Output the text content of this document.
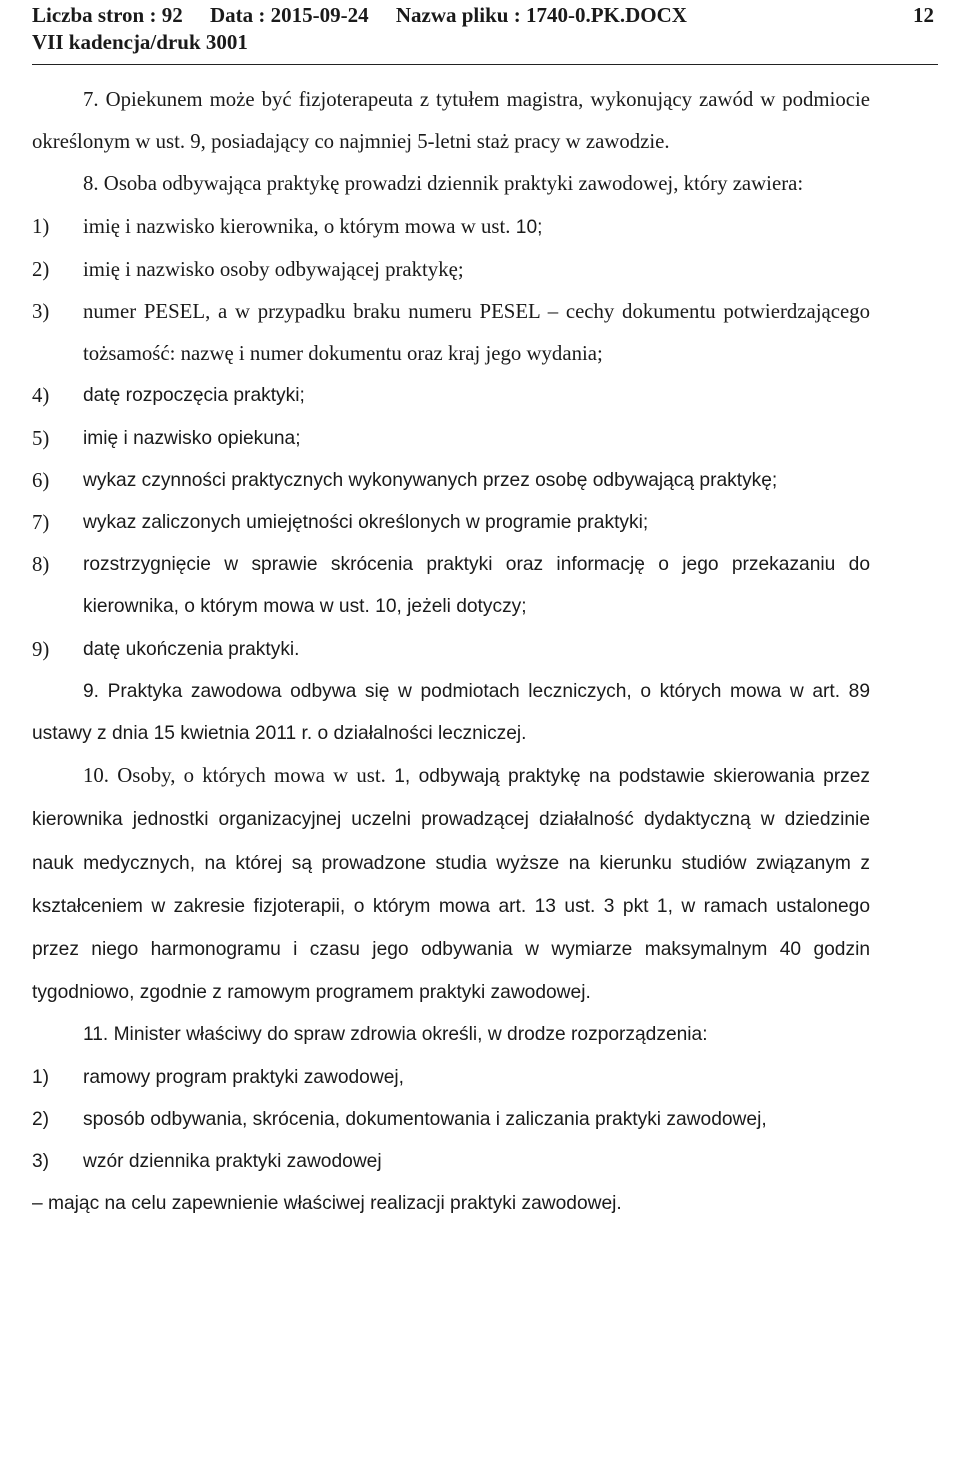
Liczba stron : 92 Data : 2015-09-24 Nazwa pliku : 1740-0.PK.DOCX
VII kadencja/druk 3001
12

7. Opiekunem może być fizjoterapeuta z tytułem magistra, wykonujący zawód w podmiocie określonym w ust. 9, posiadający co najmniej 5-letni staż pracy w zawodzie.

8. Osoba odbywająca praktykę prowadzi dziennik praktyki zawodowej, który zawiera:

1)	imię i nazwisko kierownika, o którym mowa w ust. 10;
2)	imię i nazwisko osoby odbywającej praktykę;
3)	numer PESEL, a w przypadku braku numeru PESEL – cechy dokumentu potwierdzającego tożsamość: nazwę i numer dokumentu oraz kraj jego wydania;
4)	datę rozpoczęcia praktyki;
5)	imię i nazwisko opiekuna;
6)	wykaz czynności praktycznych wykonywanych przez osobę odbywającą praktykę;
7)	wykaz zaliczonych umiejętności określonych w programie praktyki;
8)	rozstrzygnięcie w sprawie skrócenia praktyki oraz informację o jego przekazaniu do kierownika, o którym mowa w ust. 10, jeżeli dotyczy;
9)	datę ukończenia praktyki.

9. Praktyka zawodowa odbywa się w podmiotach leczniczych, o których mowa w art. 89 ustawy z dnia 15 kwietnia 2011 r. o działalności leczniczej.

10. Osoby, o których mowa w ust. 1, odbywają praktykę na podstawie skierowania przez kierownika jednostki organizacyjnej uczelni prowadzącej działalność dydaktyczną w dziedzinie nauk medycznych, na której są prowadzone studia wyższe na kierunku studiów związanym z kształceniem w zakresie fizjoterapii, o którym mowa art. 13 ust. 3 pkt 1, w ramach ustalonego przez niego harmonogramu i czasu jego odbywania w wymiarze maksymalnym 40 godzin tygodniowo, zgodnie z ramowym programem praktyki zawodowej.

11. Minister właściwy do spraw zdrowia określi, w drodze rozporządzenia:

1)	ramowy program praktyki zawodowej,
2)	sposób odbywania, skrócenia, dokumentowania i zaliczania praktyki zawodowej,
3)	wzór dziennika praktyki zawodowej

– mając na celu zapewnienie właściwej realizacji praktyki zawodowej.
